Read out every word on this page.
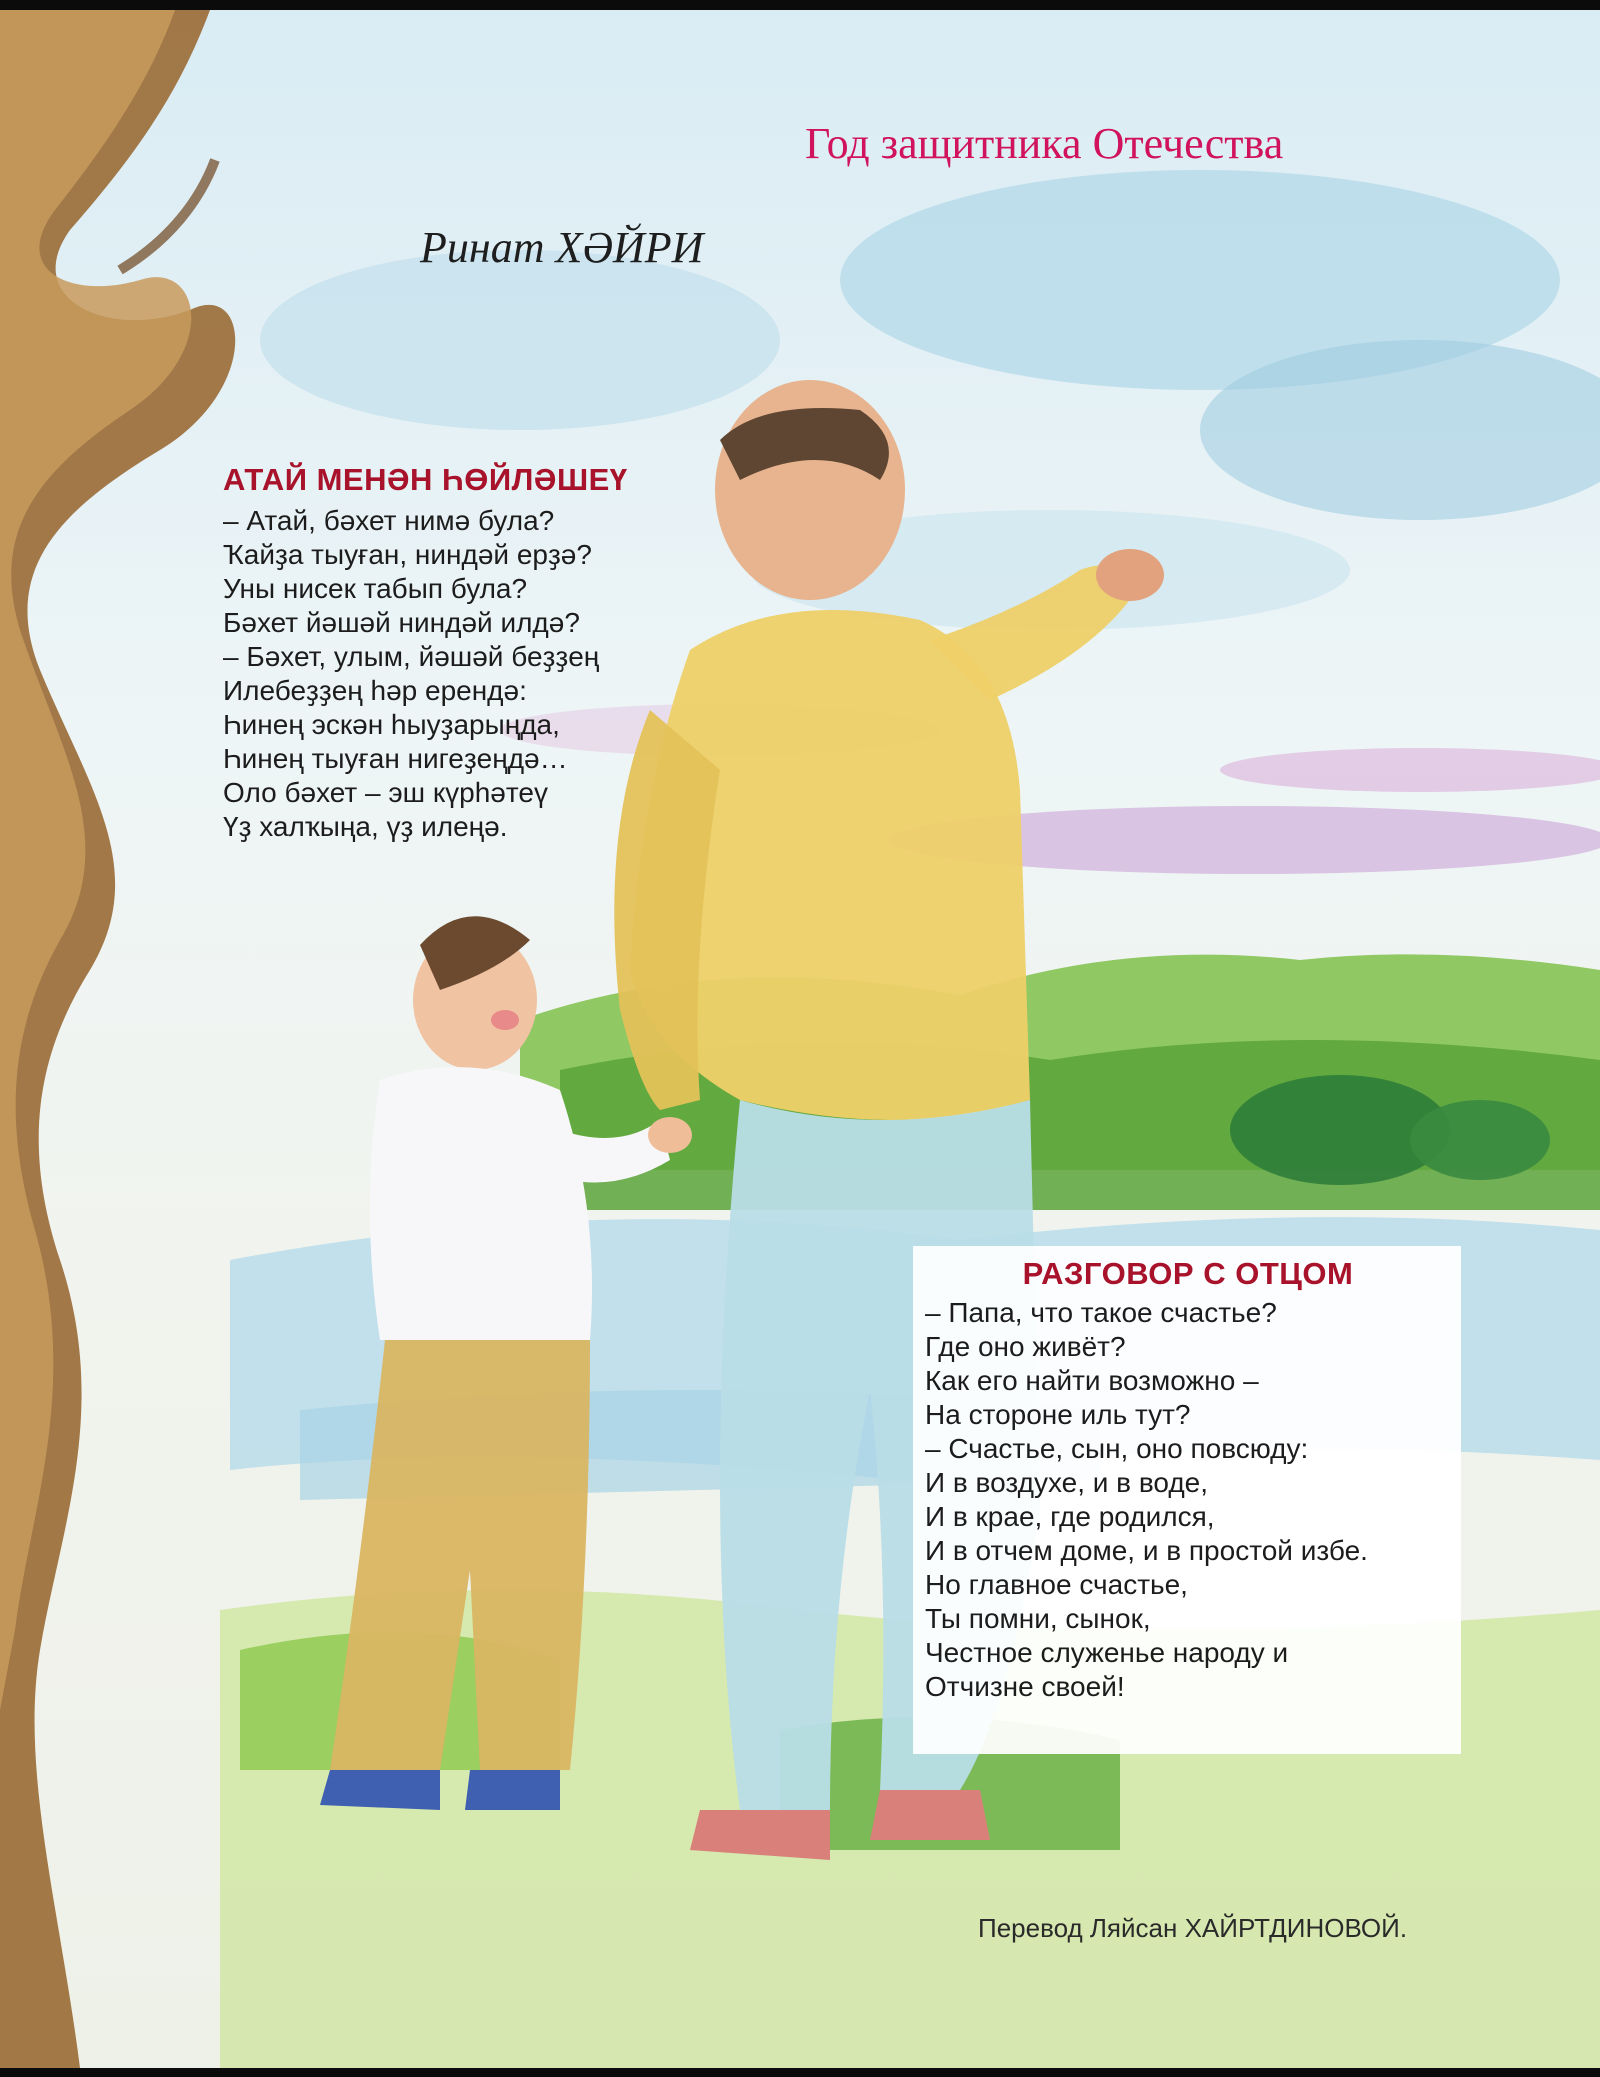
Год защитника Отечества
Ринат ХӘЙРИ
АТАЙ МЕНӘН ҺӨЙЛӘШЕҮ
– Атай, бәхет нимә була?
Ҡайҙа тыуған, ниндәй ерҙә?
Уны нисек табып була?
Бәхет йәшәй ниндәй илдә?
– Бәхет, улым, йәшәй беҙҙең
Илебеҙҙең һәр ерендә:
Һинең эскән һыуҙарыңда,
Һинең тыуған нигеҙеңдә…
Оло бәхет – эш күрһәтеү
Үҙ халҡыңа, үҙ илеңә.
РАЗГОВОР С ОТЦОМ
– Папа, что такое счастье?
Где оно живёт?
Как его найти возможно –
На стороне иль тут?
– Счастье, сын, оно повсюду:
И в воздухе, и в воде,
И в крае, где родился,
И в отчем доме, и в простой избе.
Но главное счастье,
Ты помни, сынок,
Честное служенье народу и
Отчизне своей!
Перевод Ляйсан ХАЙРТДИНОВОЙ.
